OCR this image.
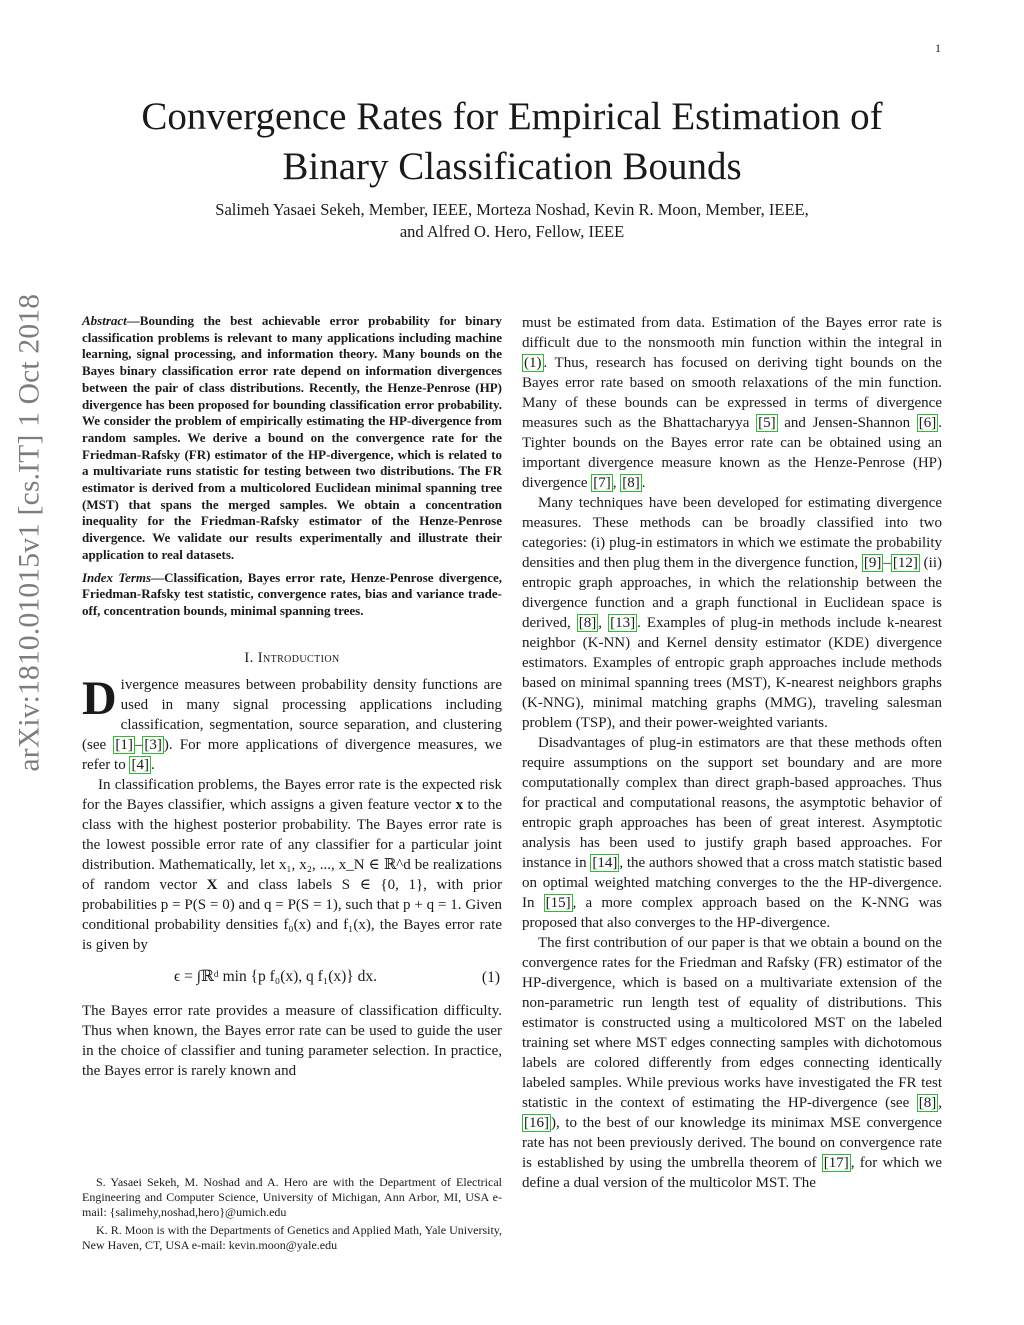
1
arXiv:1810.01015v1 [cs.IT] 1 Oct 2018
Convergence Rates for Empirical Estimation of
Binary Classification Bounds
Salimeh Yasaei Sekeh, Member, IEEE, Morteza Noshad, Kevin R. Moon, Member, IEEE,
and Alfred O. Hero, Fellow, IEEE

Abstract—Bounding the best achievable error probability for binary classification problems is relevant to many applications including machine learning, signal processing, and information theory. Many bounds on the Bayes binary classification error rate depend on information divergences between the pair of class distributions. Recently, the Henze-Penrose (HP) divergence has been proposed for bounding classification error probability. We consider the problem of empirically estimating the HP-divergence from random samples. We derive a bound on the convergence rate for the Friedman-Rafsky (FR) estimator of the HP-divergence, which is related to a multivariate runs statistic for testing between two distributions. The FR estimator is derived from a multicolored Euclidean minimal spanning tree (MST) that spans the merged samples. We obtain a concentration inequality for the Friedman-Rafsky estimator of the Henze-Penrose divergence. We validate our results experimentally and illustrate their application to real datasets.

Index Terms—Classification, Bayes error rate, Henze-Penrose divergence, Friedman-Rafsky test statistic, convergence rates, bias and variance trade-off, concentration bounds, minimal spanning trees.

I. Introduction

Divergence measures between probability density functions are used in many signal processing applications including classification, segmentation, source separation, and clustering (see [1] – [3] ). For more applications of divergence measures, we refer to [4] .

In classification problems, the Bayes error rate is the expected risk for the Bayes classifier, which assigns a given feature vector x to the class with the highest posterior probability. The Bayes error rate is the lowest possible error rate of any classifier for a particular joint distribution. Mathematically, let x₁, x₂, ..., x_N ∈ ℝ^d be realizations of random vector X and class labels S ∈ {0, 1}, with prior probabilities p = P(S = 0) and q = P(S = 1), such that p + q = 1. Given conditional probability densities f₀(x) and f₁(x), the Bayes error rate is given by

ϵ = ∫ℝᵈ min {p f₀(x), q f₁(x)} dx.	(1)

The Bayes error rate provides a measure of classification difficulty. Thus when known, the Bayes error rate can be used to guide the user in the choice of classifier and tuning parameter selection. In practice, the Bayes error is rarely known and

S. Yasaei Sekeh, M. Noshad and A. Hero are with the Department of Electrical Engineering and Computer Science, University of Michigan, Ann Arbor, MI, USA e-mail: {salimehy,noshad,hero}@umich.edu

K. R. Moon is with the Departments of Genetics and Applied Math, Yale University, New Haven, CT, USA e-mail: kevin.moon@yale.edu

must be estimated from data. Estimation of the Bayes error rate is difficult due to the nonsmooth min function within the integral in (1) . Thus, research has focused on deriving tight bounds on the Bayes error rate based on smooth relaxations of the min function. Many of these bounds can be expressed in terms of divergence measures such as the Bhattacharyya [5] and Jensen-Shannon [6] . Tighter bounds on the Bayes error rate can be obtained using an important divergence measure known as the Henze-Penrose (HP) divergence [7] , [8] .

Many techniques have been developed for estimating divergence measures. These methods can be broadly classified into two categories: (i) plug-in estimators in which we estimate the probability densities and then plug them in the divergence function, [9] – [12] (ii) entropic graph approaches, in which the relationship between the divergence function and a graph functional in Euclidean space is derived, [8] , [13] . Examples of plug-in methods include k-nearest neighbor (K-NN) and Kernel density estimator (KDE) divergence estimators. Examples of entropic graph approaches include methods based on minimal spanning trees (MST), K-nearest neighbors graphs (K-NNG), minimal matching graphs (MMG), traveling salesman problem (TSP), and their power-weighted variants.

Disadvantages of plug-in estimators are that these methods often require assumptions on the support set boundary and are more computationally complex than direct graph-based approaches. Thus for practical and computational reasons, the asymptotic behavior of entropic graph approaches has been of great interest. Asymptotic analysis has been used to justify graph based approaches. For instance in [14] , the authors showed that a cross match statistic based on optimal weighted matching converges to the the HP-divergence. In [15] , a more complex approach based on the K-NNG was proposed that also converges to the HP-divergence.

The first contribution of our paper is that we obtain a bound on the convergence rates for the Friedman and Rafsky (FR) estimator of the HP-divergence, which is based on a multivariate extension of the non-parametric run length test of equality of distributions. This estimator is constructed using a multicolored MST on the labeled training set where MST edges connecting samples with dichotomous labels are colored differently from edges connecting identically labeled samples. While previous works have investigated the FR test statistic in the context of estimating the HP-divergence (see [8] , [16] ), to the best of our knowledge its minimax MSE convergence rate has not been previously derived. The bound on convergence rate is established by using the umbrella theorem of [17] , for which we define a dual version of the multicolor MST. The
